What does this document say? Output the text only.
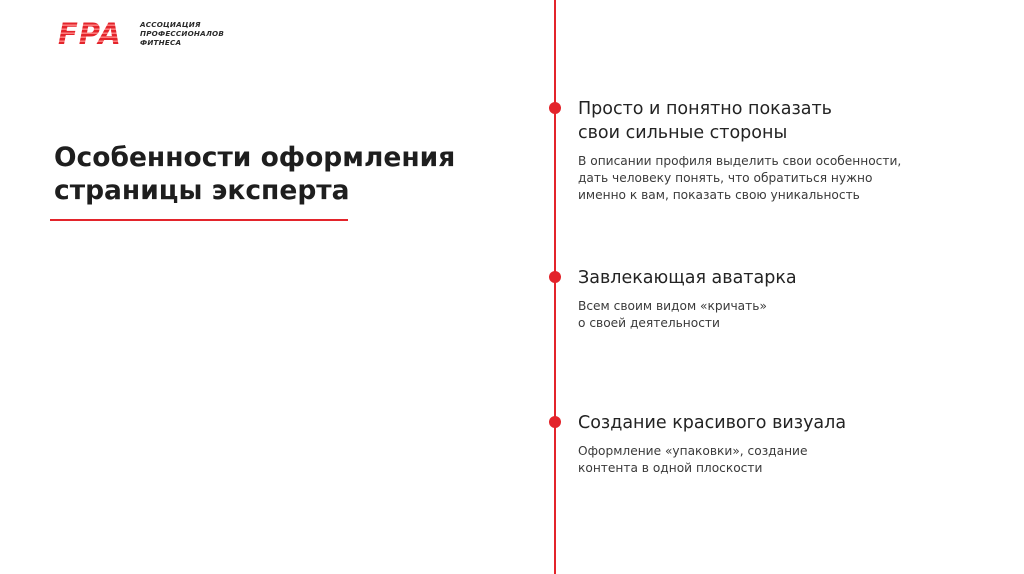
FPA	АССОЦИАЦИЯ
ПРОФЕССИОНАЛОВ
ФИТНЕСА
Особенности оформления
страницы эксперта
Просто и понятно показать
свои сильные стороны

В описании профиля выделить свои особенности,
дать человеку понять, что обратиться нужно
именно к вам, показать свою уникальность

Завлекающая аватарка

Всем своим видом «кричать»
о своей деятельности

Создание красивого визуала

Оформление «упаковки», создание
контента в одной плоскости
